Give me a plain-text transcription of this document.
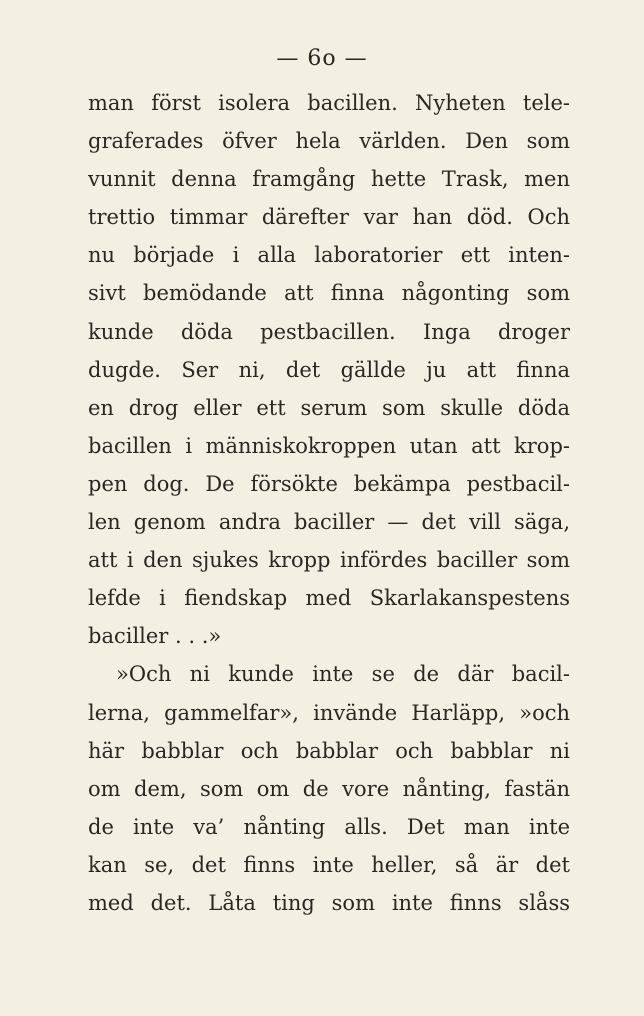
— 6o —
man först isolera bacillen. Nyheten tele-
graferades öfver hela världen. Den som
vunnit denna framgång hette Trask, men
trettio timmar därefter var han död. Och
nu började i alla laboratorier ett inten-
sivt bemödande att finna någonting som
kunde döda pestbacillen. Inga droger
dugde. Ser ni, det gällde ju att finna
en drog eller ett serum som skulle döda
bacillen i människokroppen utan att krop-
pen dog. De försökte bekämpa pestbacil-
len genom andra baciller — det vill säga,
att i den sjukes kropp infördes baciller som
lefde i fiendskap med Skarlakanspestens
baciller . . .»
»Och ni kunde inte se de där bacil-
lerna, gammelfar», invände Harläpp, »och
här babblar och babblar och babblar ni
om dem, som om de vore nånting, fastän
de inte va’ nånting alls. Det man inte
kan se, det finns inte heller, så är det
med det. Låta ting som inte finns slåss
